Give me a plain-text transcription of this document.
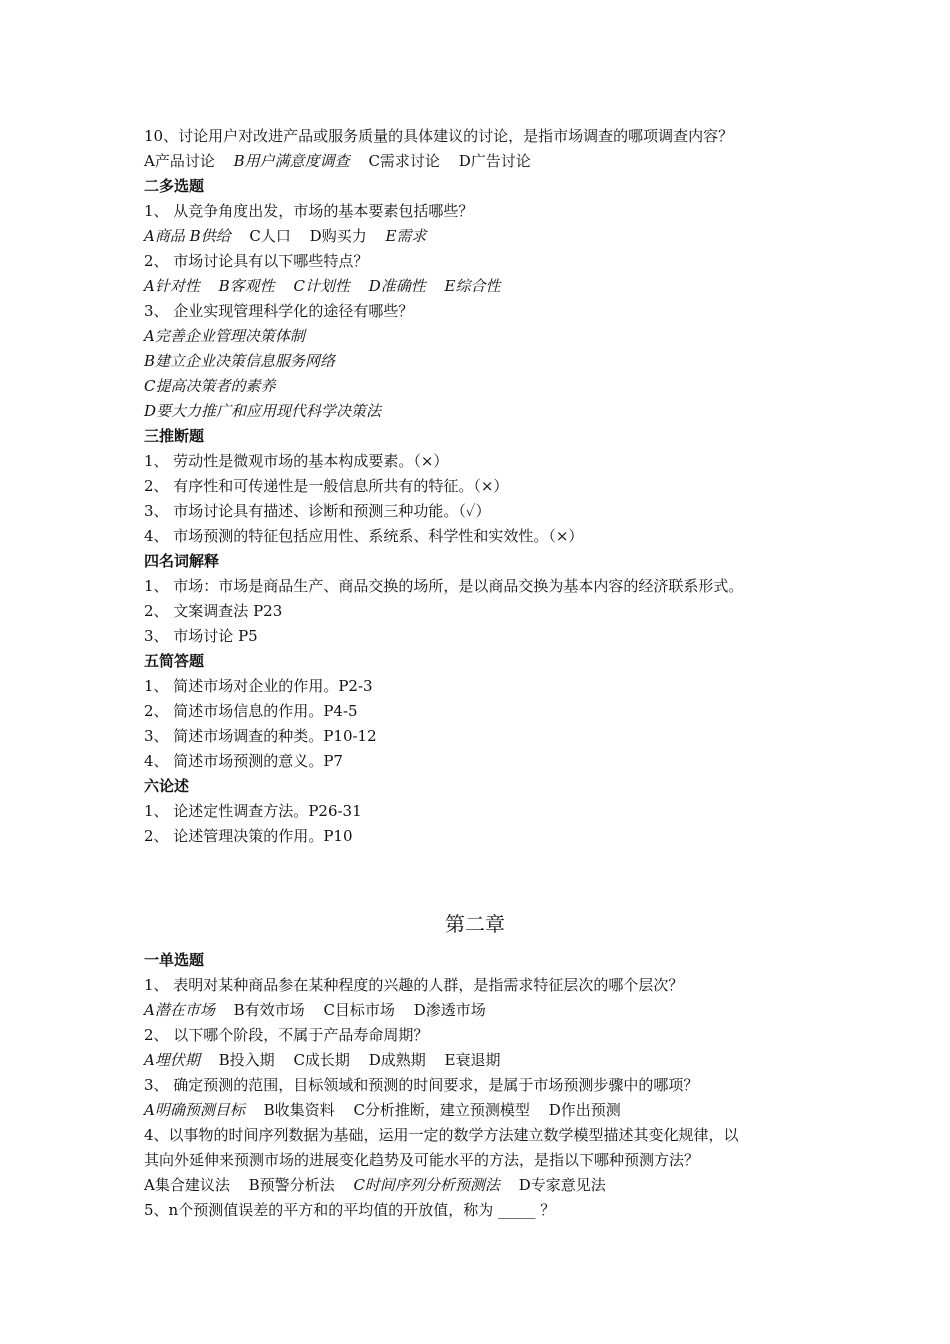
10、讨论用户对改进产品或服务质量的具体建议的讨论，是指市场调查的哪项调查内容？
A产品讨论 B用户满意度调查 C需求讨论 D广告讨论
二多选题
1、 从竞争角度出发，市场的基本要素包括哪些？
A商品 B供给 C人口 D购买力 E需求
2、 市场讨论具有以下哪些特点？
A针对性 B客观性 C计划性 D准确性 E综合性
3、 企业实现管理科学化的途径有哪些？
A完善企业管理决策体制
B建立企业决策信息服务网络
C提高决策者的素养
D要大力推广和应用现代科学决策法
三推断题
1、 劳动性是微观市场的基本构成要素。（×）
2、 有序性和可传递性是一般信息所共有的特征。（×）
3、 市场讨论具有描述、诊断和预测三种功能。（✓）
4、 市场预测的特征包括应用性、系统系、科学性和实效性。（×）
四名词解释
1、 市场：市场是商品生产、商品交换的场所，是以商品交换为基本内容的经济联系形式。
2、 文案调查法 P23
3、 市场讨论 P5
五简答题
1、 简述市场对企业的作用。P2-3
2、 简述市场信息的作用。P4-5
3、 简述市场调查的种类。P10-12
4、 简述市场预测的意义。P7
六论述
1、 论述定性调查方法。P26-31
2、 论述管理决策的作用。P10
第二章
一单选题
1、 表明对某种商品参在某种程度的兴趣的人群，是指需求特征层次的哪个层次？
A潜在市场 B有效市场 C目标市场 D渗透市场
2、 以下哪个阶段，不属于产品寿命周期？
A埋伏期 B投入期 C成长期 D成熟期 E衰退期
3、 确定预测的范围，目标领域和预测的时间要求，是属于市场预测步骤中的哪项？
A明确预测目标 B收集资料 C分析推断，建立预测模型 D作出预测
4、以事物的时间序列数据为基础，运用一定的数学方法建立数学模型描述其变化规律，以
其向外延伸来预测市场的进展变化趋势及可能水平的方法，是指以下哪种预测方法？
A集合建议法 B预警分析法 C时间序列分析预测法 D专家意见法
5、n个预测值误差的平方和的平均值的开放值，称为 _____ ？
